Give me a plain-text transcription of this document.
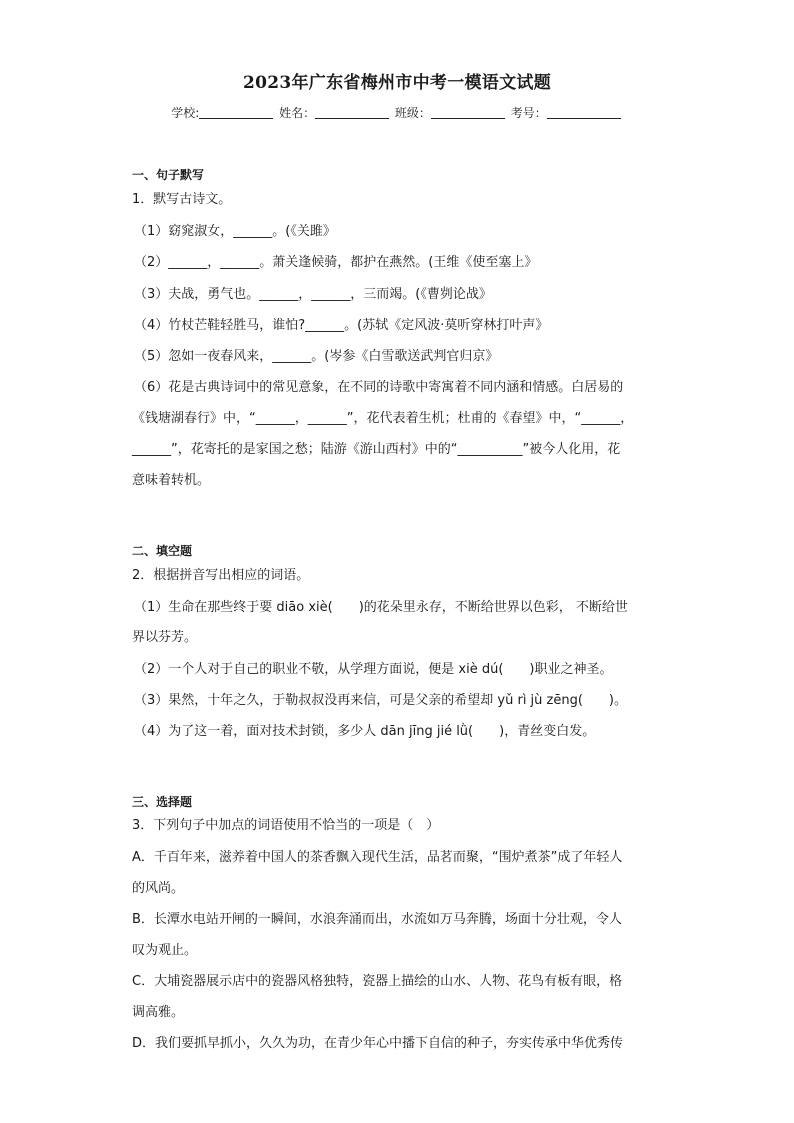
2023年广东省梅州市中考一模语文试题
学校:	姓名：	班级：	考号：
一、句子默写
1．默写古诗文。
（1）窈窕淑女，______。(《关雎》
（2）______，______。萧关逢候骑，都护在燕然。(王维《使至塞上》
（3）夫战，勇气也。______，______，三而竭。(《曹刿论战》
（4）竹杖芒鞋轻胜马，谁怕?______。(苏轼《定风波·莫听穿林打叶声》
（5）忽如一夜春风来，______。(岑参《白雪歌送武判官归京》
（6）花是古典诗词中的常见意象，在不同的诗歌中寄寓着不同内涵和情感。白居易的
《钱塘湖春行》中，“______，______”，花代表着生机；杜甫的《春望》中，“______，
______”，花寄托的是家国之愁；陆游《游山西村》中的“__________”被今人化用，花
意味着转机。
二、填空题
2．根据拼音写出相应的词语。
（1）生命在那些终于要 diāo xiè(　　)的花朵里永存，不断给世界以色彩， 不断给世
界以芬芳。
（2）一个人对于自己的职业不敬，从学理方面说，便是 xiè dú(　　)职业之神圣。
（3）果然，十年之久，于勒叔叔没再来信，可是父亲的希望却 yǔ rì jù zēng(　　)。
（4）为了这一着，面对技术封锁，多少人 dān jīng jié lǜ(　　)，青丝变白发。
三、选择题
3．下列句子中加点的词语使用不恰当的一项是（　）
A．千百年来，滋养着中国人的茶香飘入现代生活，品茗而聚，“围炉煮茶”成了年轻人
的风尚。
B．长潭水电站开闸的一瞬间，水浪奔涌而出，水流如万马奔腾，场面十分壮观，令人
叹为观止。
C．大埔瓷器展示店中的瓷器风格独特，瓷器上描绘的山水、人物、花鸟有板有眼，格
调高雅。
D．我们要抓早抓小，久久为功，在青少年心中播下自信的种子，夯实传承中华优秀传
